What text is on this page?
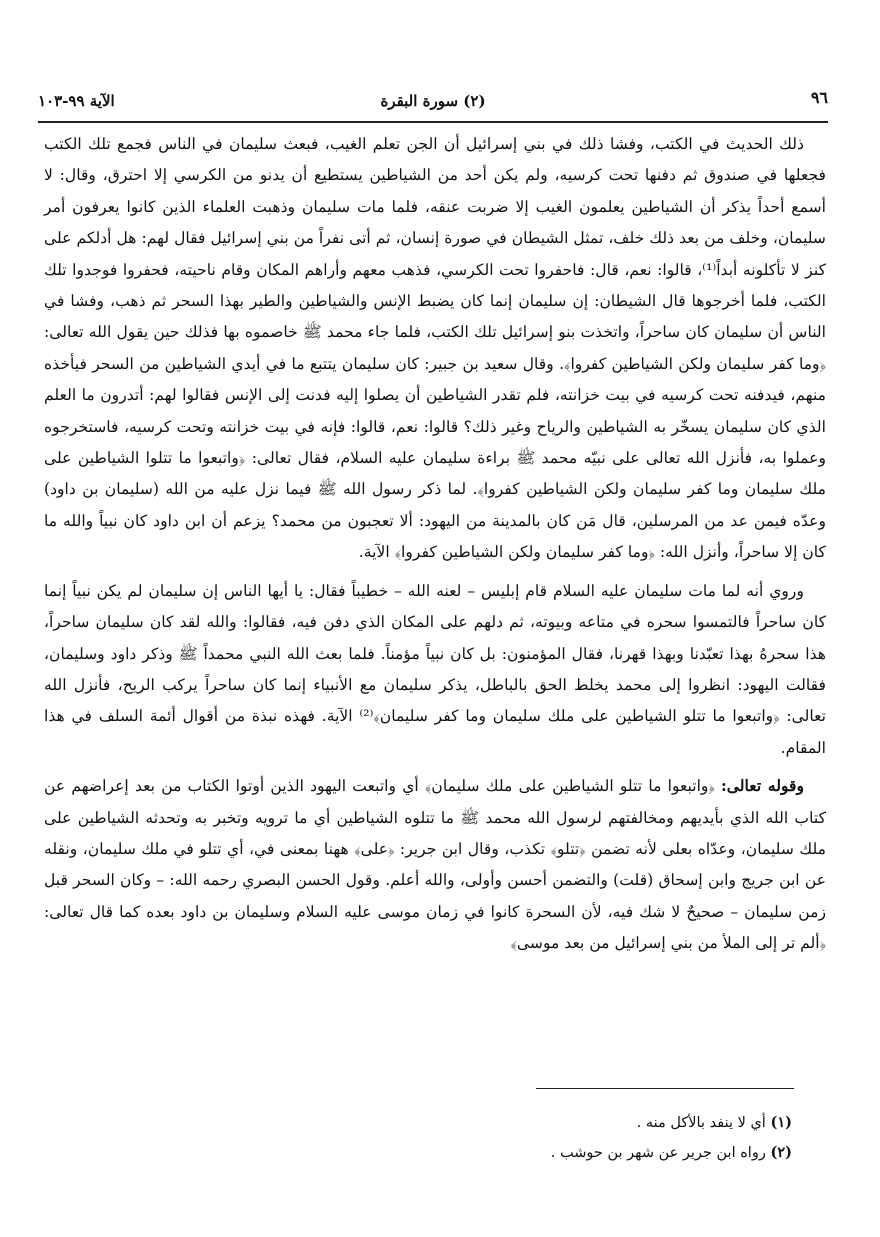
٩٦
(٢) سورة البقرة
الآية ٩٩-١٠٣

ذلك الحديث في الكتب، وفشا ذلك في بني إسرائيل أن الجن تعلم الغيب، فبعث سليمان في الناس فجمع تلك الكتب فجعلها في صندوق ثم دفنها تحت كرسيه، ولم يكن أحد من الشياطين يستطيع أن يدنو من الكرسي إلا احترق، وقال: لا أسمع أحداً يذكر أن الشياطين يعلمون الغيب إلا ضربت عنقه، فلما مات سليمان وذهبت العلماء الذين كانوا يعرفون أمر سليمان، وخلف من بعد ذلك خلف، تمثل الشيطان في صورة إنسان، ثم أتى نفراً من بني إسرائيل فقال لهم: هل أدلكم على كنز لا تأكلونه أبداً⁽¹⁾، قالوا: نعم، قال: فاحفروا تحت الكرسي، فذهب معهم وأراهم المكان وقام ناحيته، فحفروا فوجدوا تلك الكتب، فلما أخرجوها قال الشيطان: إن سليمان إنما كان يضبط الإنس والشياطين والطير بهذا السحر ثم ذهب، وفشا في الناس أن سليمان كان ساحراً، واتخذت بنو إسرائيل تلك الكتب، فلما جاء محمد ﷺ خاصموه بها فذلك حين يقول الله تعالى: ﴿وما كفر سليمان ولكن الشياطين كفروا﴾. وقال سعيد بن جبير: كان سليمان يتتبع ما في أيدي الشياطين من السحر فيأخذه منهم، فيدفنه تحت كرسيه في بيت خزانته، فلم تقدر الشياطين أن يصلوا إليه فدنت إلى الإنس فقالوا لهم: أتدرون ما العلم الذي كان سليمان يسخّر به الشياطين والرياح وغير ذلك؟ قالوا: نعم، قالوا: فإنه في بيت خزانته وتحت كرسيه، فاستخرجوه وعملوا به، فأنزل الله تعالى على نبيّه محمد ﷺ براءة سليمان عليه السلام، فقال تعالى: ﴿واتبعوا ما تتلوا الشياطين على ملك سليمان وما كفر سليمان ولكن الشياطين كفروا﴾. لما ذكر رسول الله ﷺ فيما نزل عليه من الله (سليمان بن داود) وعدّه فيمن عد من المرسلين، قال مَن كان بالمدينة من اليهود: ألا تعجبون من محمد؟ يزعم أن ابن داود كان نبياً والله ما كان إلا ساحراً، وأنزل الله: ﴿وما كفر سليمان ولكن الشياطين كفروا﴾ الآية.

وروي أنه لما مات سليمان عليه السلام قام إبليس – لعنه الله – خطيباً فقال: يا أيها الناس إن سليمان لم يكن نبياً إنما كان ساحراً فالتمسوا سحره في متاعه وبيوته، ثم دلهم على المكان الذي دفن فيه، فقالوا: والله لقد كان سليمان ساحراً، هذا سحرهُ بهذا تعبّدنا وبهذا قهرنا، فقال المؤمنون: بل كان نبياً مؤمناً. فلما بعث الله النبي محمداً ﷺ وذكر داود وسليمان، فقالت اليهود: انظروا إلى محمد يخلط الحق بالباطل، يذكر سليمان مع الأنبياء إنما كان ساحراً يركب الريح، فأنزل الله تعالى: ﴿واتبعوا ما تتلو الشياطين على ملك سليمان وما كفر سليمان﴾⁽²⁾ الآية. فهذه نبذة من أقوال أئمة السلف في هذا المقام.

وقوله تعالى: ﴿واتبعوا ما تتلو الشياطين على ملك سليمان﴾ أي واتبعت اليهود الذين أوتوا الكتاب من بعد إعراضهم عن كتاب الله الذي بأيديهم ومخالفتهم لرسول الله محمد ﷺ ما تتلوه الشياطين أي ما ترويه وتخبر به وتحدثه الشياطين على ملك سليمان، وعدّاه بعلى لأنه تضمن ﴿تتلو﴾ تكذب، وقال ابن جرير: ﴿على﴾ ههنا بمعنى في، أي تتلو في ملك سليمان، ونقله عن ابن جريج وابن إسحاق (قلت) والتضمن أحسن وأولى، والله أعلم. وقول الحسن البصري رحمه الله: – وكان السحر قبل زمن سليمان – صحيحٌ لا شك فيه، لأن السحرة كانوا في زمان موسى عليه السلام وسليمان بن داود بعده كما قال تعالى: ﴿ألم تر إلى الملأ من بني إسرائيل من بعد موسى﴾

(١) أي لا ينفد بالأكل منه .

(٢) رواه ابن جرير عن شهر بن حوشب .
